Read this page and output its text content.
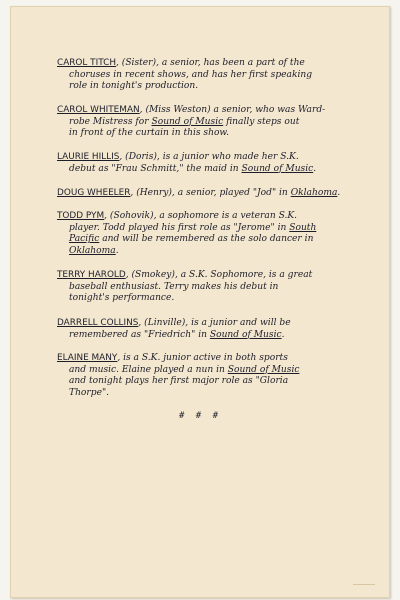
CAROL TITCH, (Sister), a senior, has been a part of the

choruses in recent shows, and has her first speaking

role in tonight's production.

CAROL WHITEMAN, (Miss Weston) a senior, who was Ward-

robe Mistress for Sound of Music finally steps out

in front of the curtain in this show.

LAURIE HILLIS, (Doris), is a junior who made her S.K.

debut as "Frau Schmitt," the maid in Sound of Music.

DOUG WHEELER, (Henry), a senior, played "Jod" in Oklahoma.

TODD PYM, (Sohovik), a sophomore is a veteran S.K.

player. Todd played his first role as "Jerome" in South

Pacific and will be remembered as the solo dancer in

Oklahoma.

TERRY HAROLD, (Smokey), a S.K. Sophomore, is a great

baseball enthusiast. Terry makes his debut in

tonight's performance.

DARRELL COLLINS, (Linville), is a junior and will be

remembered as "Friedrich" in Sound of Music.

ELAINE MANY, is a S.K. junior active in both sports

and music. Elaine played a nun in Sound of Music

and tonight plays her first major role as "Gloria

Thorpe".

# # #
